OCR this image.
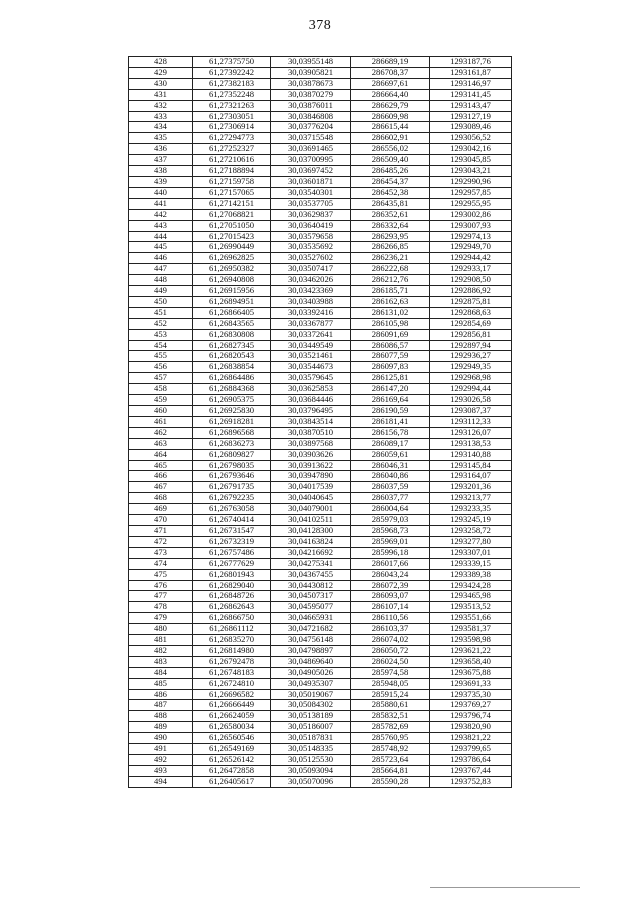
378
428	61,27375750	30,03955148	286689,19	1293187,76
429	61,27392242	30,03905821	286708,37	1293161,87
430	61,27382183	30,03878673	286697,61	1293146,97
431	61,27352248	30,03870279	286664,40	1293141,45
432	61,27321263	30,03876011	286629,79	1293143,47
433	61,27303051	30,03846808	286609,98	1293127,19
434	61,27306914	30,03776204	286615,44	1293089,46
435	61,27294773	30,03715548	286602,91	1293056,52
436	61,27252327	30,03691465	286556,02	1293042,16
437	61,27210616	30,03700995	286509,40	1293045,85
438	61,27188894	30,03697452	286485,26	1293043,21
439	61,27159758	30,03601871	286454,37	1292990,96
440	61,27157065	30,03540301	286452,38	1292957,85
441	61,27142151	30,03537705	286435,81	1292955,95
442	61,27068821	30,03629837	286352,61	1293002,86
443	61,27051050	30,03640419	286332,64	1293007,93
444	61,27015423	30,03579658	286293,95	1292974,13
445	61,26990449	30,03535692	286266,85	1292949,70
446	61,26962825	30,03527602	286236,21	1292944,42
447	61,26950382	30,03507417	286222,68	1292933,17
448	61,26940808	30,03462026	286212,76	1292908,50
449	61,26915956	30,03423369	286185,71	1292886,92
450	61,26894951	30,03403988	286162,63	1292875,81
451	61,26866405	30,03392416	286131,02	1292868,63
452	61,26843565	30,03367877	286105,98	1292854,69
453	61,26830808	30,03372641	286091,69	1292856,81
454	61,26827345	30,03449549	286086,57	1292897,94
455	61,26820543	30,03521461	286077,59	1292936,27
456	61,26838854	30,03544673	286097,83	1292949,35
457	61,26864486	30,03579645	286125,81	1292968,98
458	61,26884368	30,03625853	286147,20	1292994,44
459	61,26905375	30,03684446	286169,64	1293026,58
460	61,26925830	30,03796495	286190,59	1293087,37
461	61,26918281	30,03843514	286181,41	1293112,33
462	61,26896568	30,03870510	286156,78	1293126,07
463	61,26836273	30,03897568	286089,17	1293138,53
464	61,26809827	30,03903626	286059,61	1293140,88
465	61,26798035	30,03913622	286046,31	1293145,84
466	61,26793646	30,03947890	286040,86	1293164,07
467	61,26791735	30,04017539	286037,59	1293201,36
468	61,26792235	30,04040645	286037,77	1293213,77
469	61,26763058	30,04079001	286004,64	1293233,35
470	61,26740414	30,04102511	285979,03	1293245,19
471	61,26731547	30,04128300	285968,73	1293258,72
472	61,26732319	30,04163824	285969,01	1293277,80
473	61,26757486	30,04216692	285996,18	1293307,01
474	61,26777629	30,04275341	286017,66	1293339,15
475	61,26801943	30,04367455	286043,24	1293389,38
476	61,26829040	30,04430812	286072,39	1293424,28
477	61,26848726	30,04507317	286093,07	1293465,98
478	61,26862643	30,04595077	286107,14	1293513,52
479	61,26866750	30,04665931	286110,56	1293551,66
480	61,26861112	30,04721682	286103,37	1293581,37
481	61,26835270	30,04756148	286074,02	1293598,98
482	61,26814980	30,04798897	286050,72	1293621,22
483	61,26792478	30,04869640	286024,50	1293658,40
484	61,26748183	30,04905026	285974,58	1293675,88
485	61,26724810	30,04935307	285948,05	1293691,33
486	61,26696582	30,05019067	285915,24	1293735,30
487	61,26666449	30,05084302	285880,61	1293769,27
488	61,26624059	30,05138189	285832,51	1293796,74
489	61,26580034	30,05186007	285782,69	1293820,90
490	61,26560546	30,05187831	285760,95	1293821,22
491	61,26549169	30,05148335	285748,92	1293799,65
492	61,26526142	30,05125530	285723,64	1293786,64
493	61,26472858	30,05093094	285664,81	1293767,44
494	61,26405617	30,05070096	285590,28	1293752,83
